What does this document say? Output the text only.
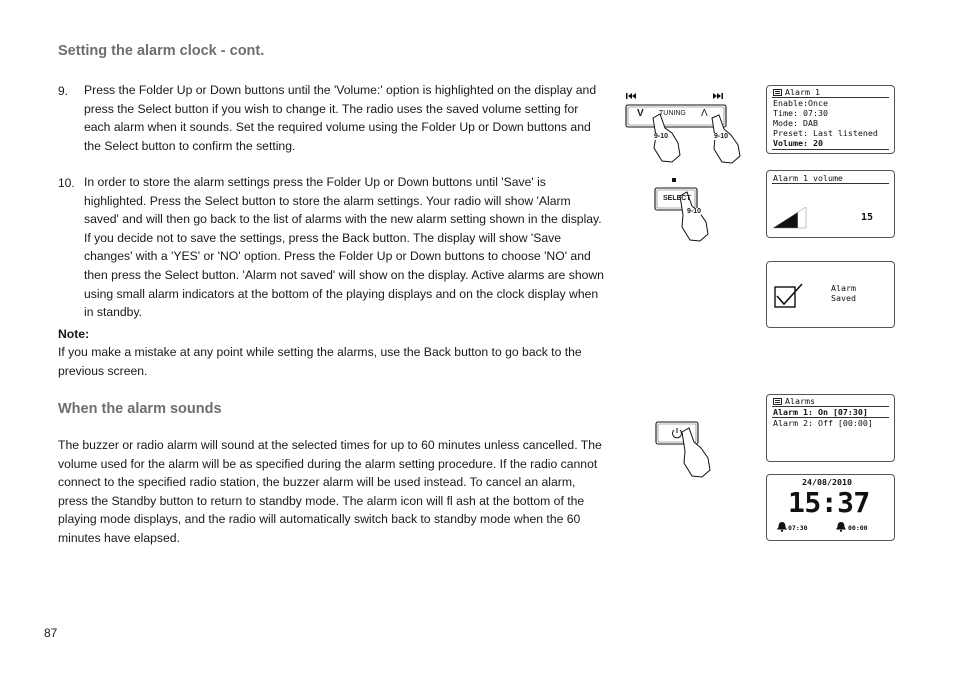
Setting the alarm clock - cont.
9. Press the Folder Up or Down buttons until the 'Volume:' option is highlighted on the display and press the Select button if you wish to change it. The radio uses the saved volume setting for each alarm when it sounds. Set the required volume using the Folder Up or Down buttons and the Select button to confirm the setting.
10. In order to store the alarm settings press the Folder Up or Down buttons until 'Save' is highlighted. Press the Select button to store the alarm settings. Your radio will show 'Alarm saved' and will then go back to the list of alarms with the new alarm setting shown in the display. If you decide not to save the settings, press the Back button. The display will show 'Save changes' with a 'YES' or 'NO' option. Press the Folder Up or Down buttons to choose 'NO' and then press the Select button. 'Alarm not saved' will show on the display. Active alarms are shown using small alarm indicators at the bottom of the playing displays and on the clock display when in standby.
Note:
If you make a mistake at any point while setting the alarms, use the Back button to go back to the previous screen.
When the alarm sounds
The buzzer or radio alarm will sound at the selected times for up to 60 minutes unless cancelled. The volume used for the alarm will be as specified during the alarm setting procedure. If the radio cannot connect to the specified radio station, the buzzer alarm will be used instead. To cancel an alarm, press the Standby button to return to standby mode. The alarm icon will fl ash at the bottom of the playing mode displays, and the radio will automatically switch back to standby mode when the 60 minutes have elapsed.
87
V TUNING Λ
9-10	9-10
SELECT
9-10
Alarm 1
Enable:Once
Time: 07:30
Mode: DAB
Preset: Last listened
Volume: 20
Alarm 1 volume
15
Alarm
Saved
Alarms
Alarm 1: On [07:30]
Alarm 2: Off [00:00]
24/08/2010
15:37
07:30	00:00
